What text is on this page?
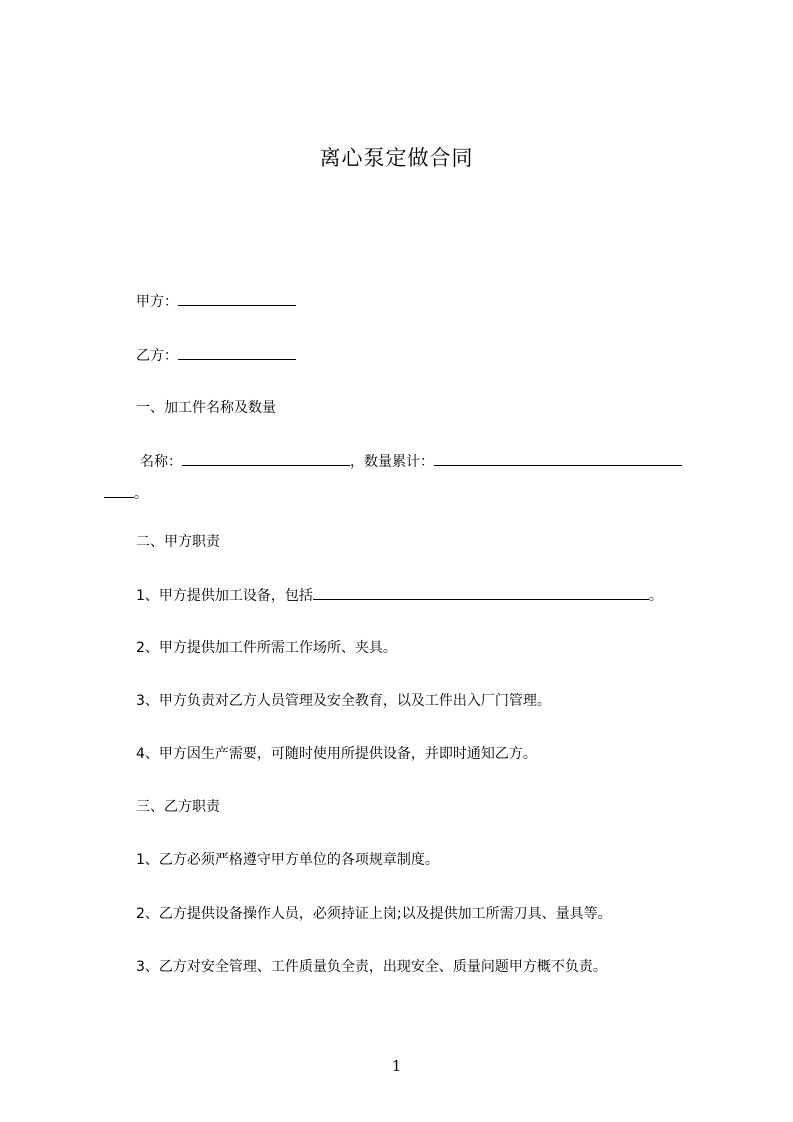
离心泵定做合同
甲方：
乙方：
一、加工件名称及数量
名称：	，数量累计：
。
二、甲方职责
1、甲方提供加工设备，包括	。
2、甲方提供加工件所需工作场所、夹具。
3、甲方负责对乙方人员管理及安全教育，以及工件出入厂门管理。
4、甲方因生产需要，可随时使用所提供设备，并即时通知乙方。
三、乙方职责
1、乙方必须严格遵守甲方单位的各项规章制度。
2、乙方提供设备操作人员，必须持证上岗;以及提供加工所需刀具、量具等。
3、乙方对安全管理、工件质量负全责，出现安全、质量问题甲方概不负责。
1
